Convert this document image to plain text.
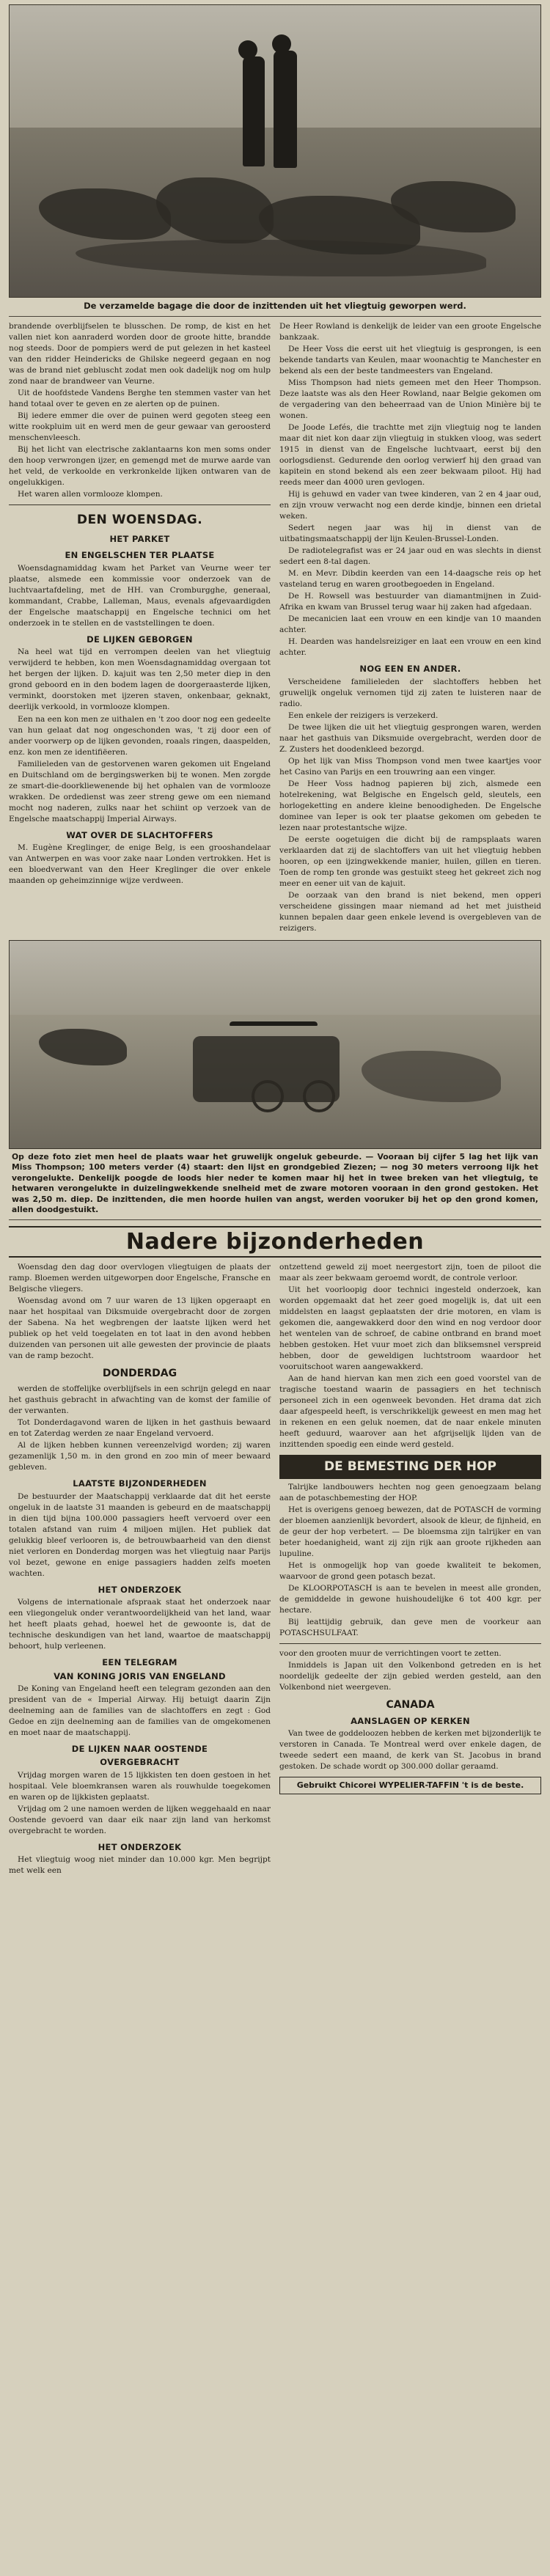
De verzamelde bagage die door de inzittenden uit het vliegtuig geworpen werd.

brandende overblijfselen te blusschen. De romp, de kist en het vallen niet kon aanraderd worden door de groote hitte, brandde nog steeds. Door de pompiers werd de put gelezen in het kasteel van den ridder Heindericks de Ghilske negeerd gegaan en nog was de brand niet gebluscht zodat men ook dadelijk nog om hulp zond naar de brandweer van Veurne.

Uit de hoofdstede Vandens Berghe ten stemmen vaster van het hand totaal over te geven en ze alerten op de puinen.

Bij iedere emmer die over de puinen werd gegoten steeg een witte rookpluim uit en werd men de geur gewaar van geroosterd menschenvleesch.

Bij het licht van electrische zaklantaarns kon men soms onder den hoop verwrongen ijzer, en gemengd met de murwe aarde van het veld, de verkoolde en verkronkelde lijken ontwaren van de ongelukkigen.

Het waren allen vormlooze klompen.

DEN WOENSDAG.
HET PARKET
EN ENGELSCHEN TER PLAATSE

Woensdagnamiddag kwam het Parket van Veurne weer ter plaatse, alsmede een kommissie voor onderzoek van de luchtvaartafdeling, met de HH. van Cromburgghe, generaal, kommandant, Crabbe, Lalleman, Maus, evenals afgevaardigden der Engelsche maatschappij en Engelsche technici om het onderzoek in te stellen en de vaststellingen te doen.

DE LIJKEN GEBORGEN

Na heel wat tijd en verrompen deelen van het vliegtuig verwijderd te hebben, kon men Woensdagnamiddag overgaan tot het bergen der lijken. D. kajuit was ten 2,50 meter diep in den grond geboord en in den bodem lagen de doorgeraasterde lijken, verminkt, doorstoken met ijzeren staven, onkenbaar, geknakt, deerlijk verkoold, in vormlooze klompen.

Een na een kon men ze uithalen en 't zoo door nog een gedeelte van hun gelaat dat nog ongeschonden was, 't zij door een of ander voorwerp op de lijken gevonden, roaals ringen, daaspelden, enz. kon men ze identifiëeren.

Familieleden van de gestorvenen waren gekomen uit Engeland en Duitschland om de bergingswerken bij te wonen. Men zorgde ze smart-die-doorkliewenende bij het ophalen van de vormlooze wrakken. De ordedienst was zeer streng gewe om een niemand mocht nog naderen, zulks naar het schiint op verzoek van de Engelsche maatschappij Imperial Airways.

WAT OVER DE SLACHTOFFERS

M. Eugène Kreglinger, de enige Belg, is een grooshandelaar van Antwerpen en was voor zake naar Londen vertrokken. Het is een bloedverwant van den Heer Kreglinger die over enkele maanden op geheimzinnige wijze verdween.

De Heer Rowland is denkelijk de leider van een groote Engelsche bankzaak.

De Heer Voss die eerst uit het vliegtuig is gesprongen, is een bekende tandarts van Keulen, maar woonachtig te Manchester en bekend als een der beste tandmeesters van Engeland.

Miss Thompson had niets gemeen met den Heer Thompson. Deze laatste was als den Heer Rowland, naar Belgie gekomen om de vergadering van den beheerraad van de Union Minière bij te wonen.

De Joode Lefés, die trachtte met zijn vliegtuig nog te landen maar dit niet kon daar zijn vliegtuig in stukken vloog, was sedert 1915 in dienst van de Engelsche luchtvaart, eerst bij den oorlogsdienst. Gedurende den oorlog verwierf hij den graad van kapitein en stond bekend als een zeer bekwaam piloot. Hij had reeds meer dan 4000 uren gevlogen.

Hij is gehuwd en vader van twee kinderen, van 2 en 4 jaar oud, en zijn vrouw verwacht nog een derde kindje, binnen een drietal weken.

Sedert negen jaar was hij in dienst van de uitbatingsmaatschappij der lijn Keulen-Brussel-Londen.

De radiotelegrafist was er 24 jaar oud en was slechts in dienst sedert een 8-tal dagen.

M. en Mevr. Dibdin keerden van een 14-daagsche reis op het vasteland terug en waren grootbegoeden in Engeland.

De H. Rowsell was bestuurder van diamantmijnen in Zuid-Afrika en kwam van Brussel terug waar hij zaken had afgedaan.

De mecanicien laat een vrouw en een kindje van 10 maanden achter.

H. Dearden was handelsreiziger en laat een vrouw en een kind achter.

NOG EEN EN ANDER.

Verscheidene familieleden der slachtoffers hebben het gruwelijk ongeluk vernomen tijd zij zaten te luisteren naar de radio.

Een enkele der reizigers is verzekerd.

De twee lijken die uit het vliegtuig gesprongen waren, werden naar het gasthuis van Diksmuide overgebracht, werden door de Z. Zusters het doodenkleed bezorgd.

Op het lijk van Miss Thompson vond men twee kaartjes voor het Casino van Parijs en een trouwring aan een vinger.

De Heer Voss hadnog papieren bij zich, alsmede een hotelrekening, wat Belgische en Engelsch geld, sleutels, een horlogeketting en andere kleine benoodigheden. De Engelsche dominee van Ieper is ook ter plaatse gekomen om gebeden te lezen naar protestantsche wijze.

De eerste oogetuigen die dicht bij de rampsplaats waren verklaarden dat zij de slachtoffers van uit het vliegtuig hebben hooren, op een ijzingwekkende manier, huilen, gillen en tieren. Toen de romp ten gronde was gestuikt steeg het gekreet zich nog meer en eener uit van de kajuit.

De oorzaak van den brand is niet bekend, men opperi verscheidene gissingen maar niemand ad het met juistheid kunnen bepalen daar geen enkele levend is overgebleven van de reizigers.

Op deze foto ziet men heel de plaats waar het gruwelijk ongeluk gebeurde. — Vooraan bij cijfer 5 lag het lijk van Miss Thompson; 100 meters verder (4) staart: den lijst en grondgebied Ziezen; — nog 30 meters verroong lijk het verongelukte. Denkelijk poogde de loods hier neder te komen maar hij het in twee breken van het vliegtuig, te hetwaren verongelukte in duizelingwekkende snelheid met de zware motoren vooraan in den grond gestoken. Het was 2,50 m. diep. De inzittenden, die men hoorde huilen van angst, werden vooruker bij het op den grond komen, allen doodgestuikt.
Nadere bijzonderheden

Woensdag den dag door overvlogen vliegtuigen de plaats der ramp. Bloemen werden uitgeworpen door Engelsche, Fransche en Belgische vliegers.

Woensdag avond om 7 uur waren de 13 lijken opgeraapt en naar het hospitaal van Diksmuide overgebracht door de zorgen der Sabena. Na het wegbrengen der laatste lijken werd het publiek op het veld toegelaten en tot laat in den avond hebben duizenden van personen uit alle gewesten der provincie de plaats van de ramp bezocht.

DONDERDAG

werden de stoffelijke overblijfsels in een schrijn gelegd en naar het gasthuis gebracht in afwachting van de komst der familie of der verwanten.

Tot Donderdagavond waren de lijken in het gasthuis bewaard en tot Zaterdag werden ze naar Engeland vervoerd.

Al de lijken hebben kunnen vereenzelvigd worden; zij waren gezamenlijk 1,50 m. in den grond en zoo min of meer bewaard gebleven.

LAATSTE BIJZONDERHEDEN

De bestuurder der Maatschappij verklaarde dat dit het eerste ongeluk in de laatste 31 maanden is gebeurd en de maatschappij in dien tijd bijna 100.000 passagiers heeft vervoerd over een totalen afstand van ruim 4 miljoen mijlen. Het publiek dat gelukkig bleef verlooren is, de betrouwbaarheid van den dienst niet verloren en Donderdag morgen was het vliegtuig naar Parijs vol bezet, gewone en enige passagiers hadden zelfs moeten wachten.

HET ONDERZOEK

Volgens de internationale afspraak staat het onderzoek naar een vliegongeluk onder verantwoordelijkheid van het land, waar het heeft plaats gehad, hoewel het de gewoonte is, dat de technische deskundigen van het land, waartoe de maatschappij behoort, hulp verleenen.

EEN TELEGRAM
VAN KONING JORIS VAN ENGELAND

De Koning van Engeland heeft een telegram gezonden aan den president van de « Imperial Airway. Hij betuigt daarin Zijn deelneming aan de families van de slachtoffers en zegt : God Gedoe en zijn deelneming aan de families van de omgekomenen en moet naar de maatschappij.

DE LIJKEN NAAR OOSTENDE
OVERGEBRACHT

Vrijdag morgen waren de 15 lijkkisten ten doen gestoen in het hospitaal. Vele bloemkransen waren als rouwhulde toegekomen en waren op de lijkkisten geplaatst.

Vrijdag om 2 une namoen werden de lijken weggehaald en naar Oostende gevoerd van daar eik naar zijn land van herkomst overgebracht te worden.

HET ONDERZOEK

Het vliegtuig woog niet minder dan 10.000 kgr. Men begrijpt met welk een

ontzettend geweld zij moet neergestort zijn, toen de piloot die maar als zeer bekwaam geroemd wordt, de controle verloor.

Uit het voorloopig door technici ingesteld onderzoek, kan worden opgemaakt dat het zeer goed mogelijk is, dat uit een middelsten en laagst geplaatsten der drie motoren, en vlam is gekomen die, aangewakkerd door den wind en nog verdoor door het wentelen van de schroef, de cabine ontbrand en brand moet hebben gestoken. Het vuur moet zich dan bliksemsnel verspreid hebben, door de geweldigen luchtstroom waardoor het vooruitschoot waren aangewakkerd.

Aan de hand hiervan kan men zich een goed voorstel van de tragische toestand waarin de passagiers en het technisch personeel zich in een ogenweek bevonden. Het drama dat zich daar afgespeeld heeft, is verschrikkelijk geweest en men mag het in rekenen en een geluk noemen, dat de naar enkele minuten heeft geduurd, waarover aan het afgrijselijk lijden van de inzittenden spoedig een einde werd gesteld.

DE BEMESTING DER HOP

Talrijke landbouwers hechten nog geen genoegzaam belang aan de potaschbemesting der HOP.

Het is overigens genoeg bewezen, dat de POTASCH de vorming der bloemen aanzienlijk bevordert, alsook de kleur, de fijnheid, en de geur der hop verbetert. — De bloemsma zijn talrijker en van beter hoedanigheid, want zij zijn rijk aan groote rijkheden aan lupuline.

Het is onmogelijk hop van goede kwaliteit te bekomen, waarvoor de grond geen potasch bezat.

De KLOORPOTASCH is aan te bevelen in meest alle gronden, de gemiddelde in gewone huishoudelijke 6 tot 400 kgr. per hectare.

Bij leattijdig gebruik, dan geve men de voorkeur aan POTASCHSULFAAT.

voor den grooten muur de verrichtingen voort te zetten.

Inmiddels is Japan uit den Volkenbond getreden en is het noordelijk gedeelte der zijn gebied werden gesteld, aan den Volkenbond niet weergeven.

CANADA
AANSLAGEN OP KERKEN

Van twee de goddeloozen hebben de kerken met bijzonderlijk te verstoren in Canada. Te Montreal werd over enkele dagen, de tweede sedert een maand, de kerk van St. Jacobus in brand gestoken. De schade wordt op 300.000 dollar geraamd.

Gebruikt Chicorei WYPELIER-TAFFIN 't is de beste.
